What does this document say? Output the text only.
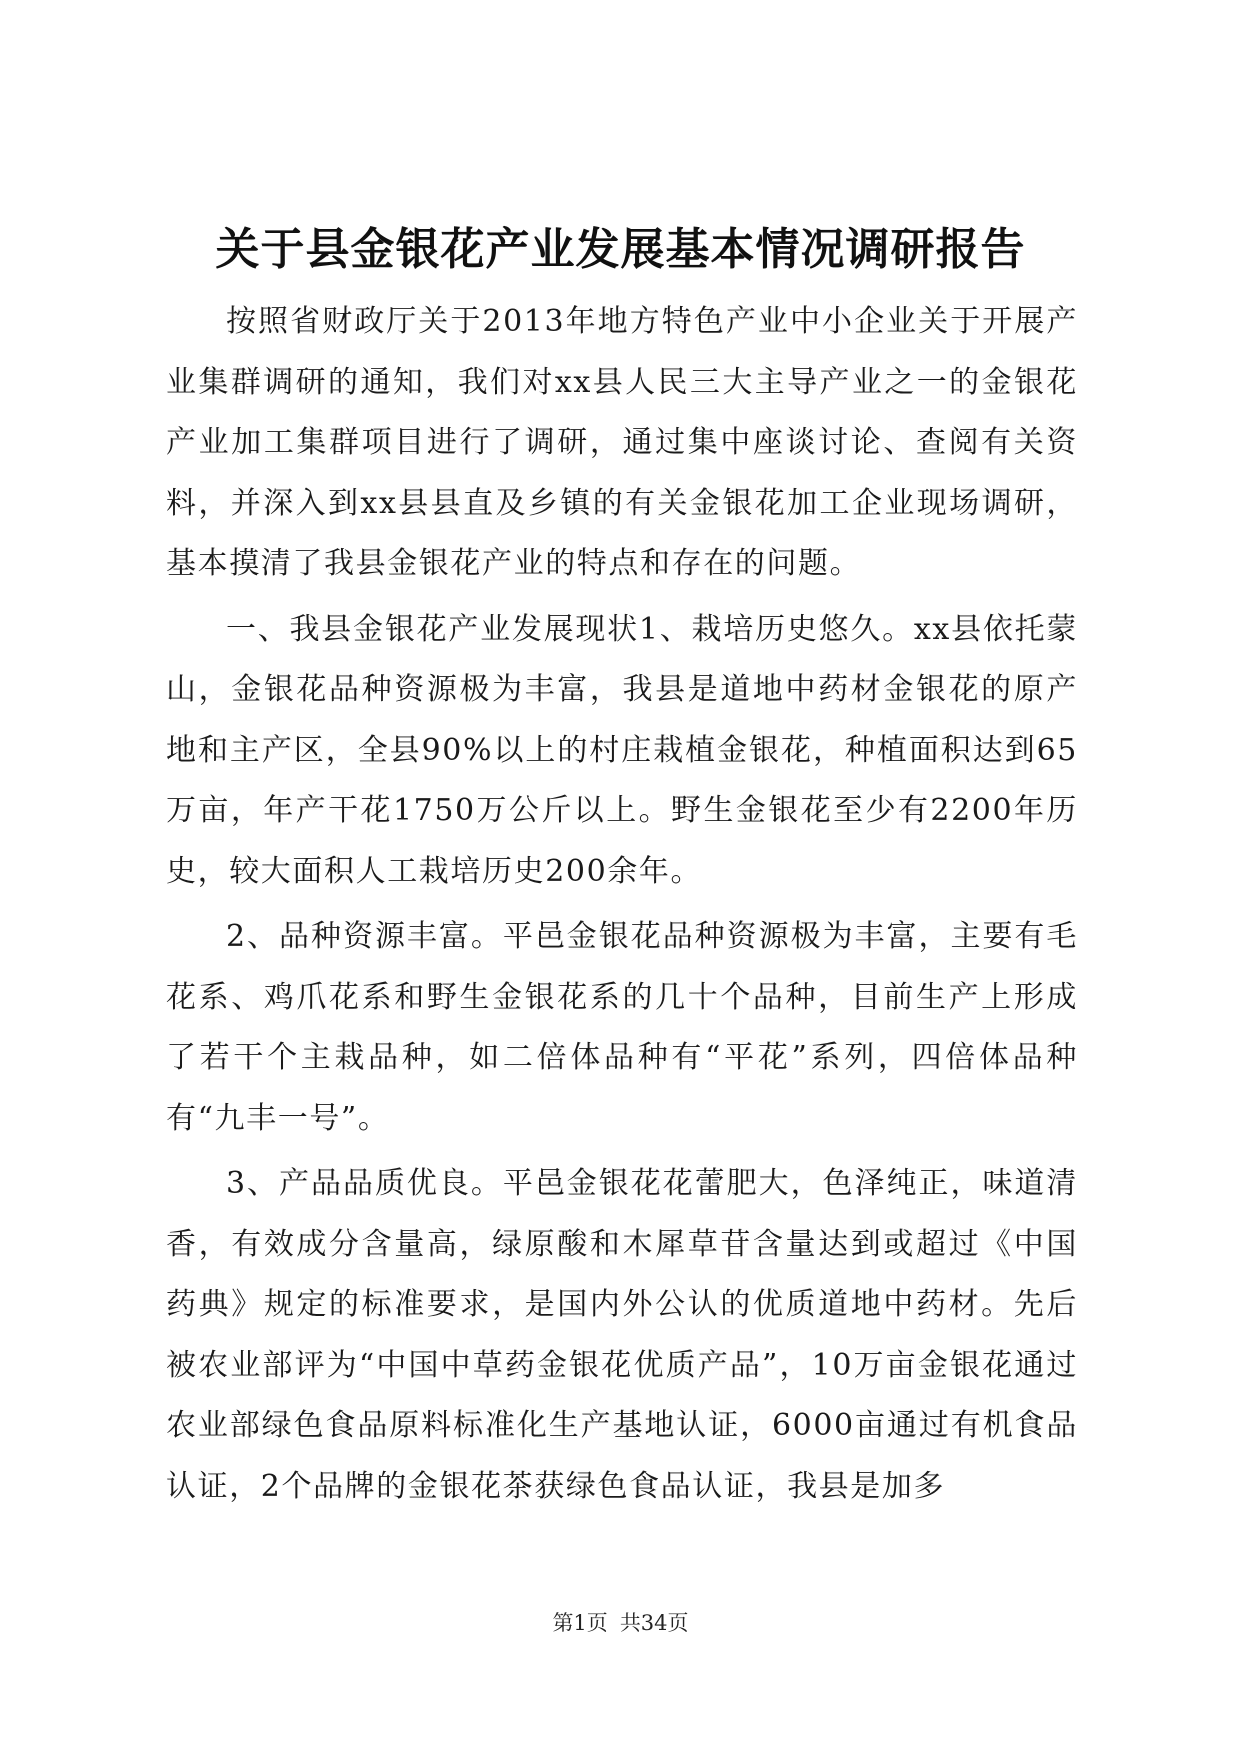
关于县金银花产业发展基本情况调研报告

按照省财政厅关于2013年地方特色产业中小企业关于开展产业集群调研的通知，我们对xx县人民三大主导产业之一的金银花产业加工集群项目进行了调研，通过集中座谈讨论、查阅有关资料，并深入到xx县县直及乡镇的有关金银花加工企业现场调研，基本摸清了我县金银花产业的特点和存在的问题。

一、我县金银花产业发展现状1、栽培历史悠久。xx县依托蒙山，金银花品种资源极为丰富，我县是道地中药材金银花的原产地和主产区，全县90%以上的村庄栽植金银花，种植面积达到65万亩，年产干花1750万公斤以上。野生金银花至少有2200年历史，较大面积人工栽培历史200余年。

2、品种资源丰富。平邑金银花品种资源极为丰富，主要有毛花系、鸡爪花系和野生金银花系的几十个品种，目前生产上形成了若干个主栽品种，如二倍体品种有“平花”系列，四倍体品种有“九丰一号”。

3、产品品质优良。平邑金银花花蕾肥大，色泽纯正，味道清香，有效成分含量高，绿原酸和木犀草苷含量达到或超过《中国药典》规定的标准要求，是国内外公认的优质道地中药材。先后被农业部评为“中国中草药金银花优质产品”，10万亩金银花通过农业部绿色食品原料标准化生产基地认证，6000亩通过有机食品认证，2个品牌的金银花茶获绿色食品认证，我县是加多

第1页 共34页
